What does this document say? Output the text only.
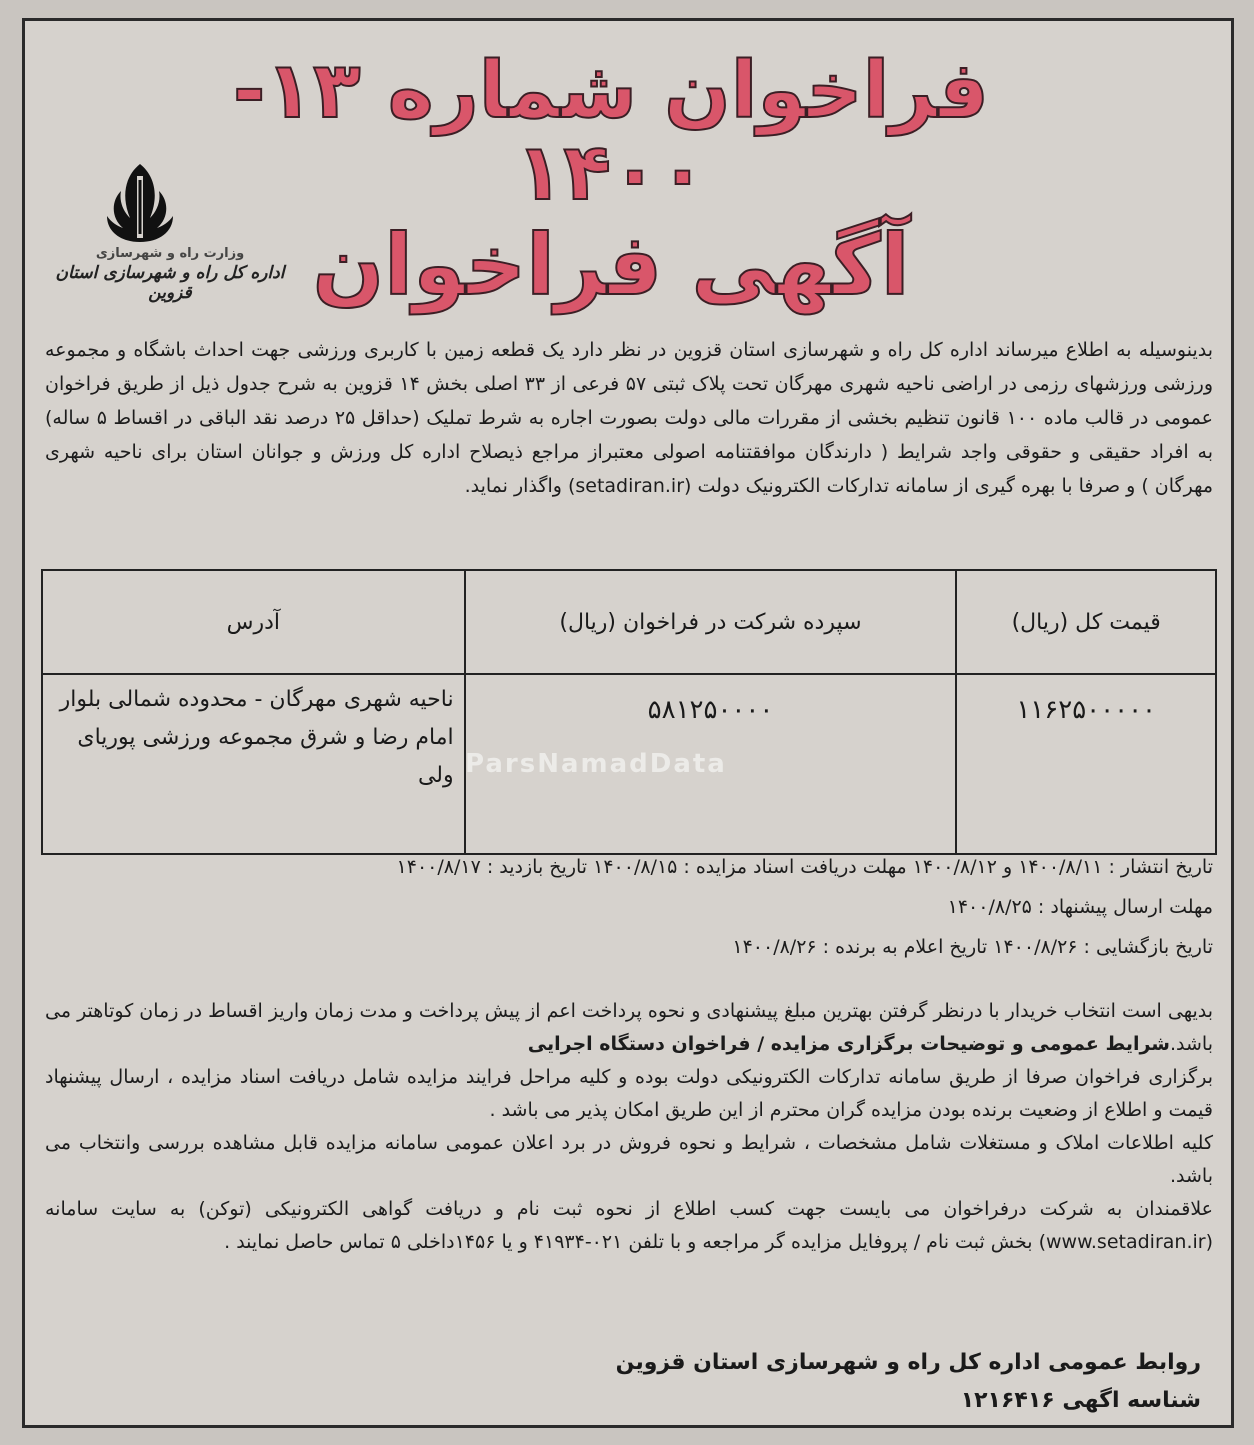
فراخوان شماره ۱۳- ۱۴۰۰
آگهی فراخوان
وزارت راه و شهرسازی
اداره کل راه و شهرسازی استان قزوین
بدینوسیله به اطلاع میرساند اداره کل راه و شهرسازی استان قزوین در نظر دارد یک قطعه زمین با کاربری ورزشی جهت احداث باشگاه و مجموعه ورزشی ورزشهای رزمی در اراضی ناحیه شهری مهرگان تحت پلاک ثبتی ۵۷ فرعی از ۳۳ اصلی بخش ۱۴ قزوین به شرح جدول ذیل از طریق فراخوان عمومی در قالب ماده ۱۰۰ قانون تنظیم بخشی از مقررات مالی دولت بصورت اجاره به شرط تملیک (حداقل ۲۵ درصد نقد الباقی در اقساط ۵ ساله) به افراد حقیقی و حقوقی واجد شرایط ( دارندگان موافقتنامه اصولی معتبراز مراجع ذیصلاح اداره کل ورزش و جوانان استان برای ناحیه شهری مهرگان ) و صرفا با بهره گیری از سامانه تدارکات الکترونیک دولت (setadiran.ir) واگذار نماید.
قیمت کل (ریال)	سپرده شرکت در فراخوان (ریال)	آدرس
۱۱۶۲۵۰۰۰۰۰	۵۸۱۲۵۰۰۰۰	ناحیه شهری مهرگان - محدوده شمالی بلوار امام رضا و شرق مجموعه ورزشی پوریای ولی ParsNamadData
تاریخ انتشار : ۱۴۰۰/۸/۱۱ و ۱۴۰۰/۸/۱۲ مهلت دریافت اسناد مزایده : ۱۴۰۰/۸/۱۵ تاریخ بازدید : ۱۴۰۰/۸/۱۷
مهلت ارسال پیشنهاد : ۱۴۰۰/۸/۲۵
تاریخ بازگشایی : ۱۴۰۰/۸/۲۶ تاریخ اعلام به برنده : ۱۴۰۰/۸/۲۶
بدیهی است انتخاب خریدار با درنظر گرفتن بهترین مبلغ پیشنهادی و نحوه پرداخت اعم از پیش پرداخت و مدت زمان واریز اقساط در زمان کوتاهتر می باشد.شرایط عمومی و توضیحات برگزاری مزایده / فراخوان دستگاه اجرایی
برگزاری فراخوان صرفا از طریق سامانه تدارکات الکترونیکی دولت بوده و کلیه مراحل فرایند مزایده شامل دریافت اسناد مزایده ، ارسال پیشنهاد قیمت و اطلاع از وضعیت برنده بودن مزایده گران محترم از این طریق امکان پذیر می باشد .
کلیه اطلاعات املاک و مستغلات شامل مشخصات ، شرایط و نحوه فروش در برد اعلان عمومی سامانه مزایده قابل مشاهده بررسی وانتخاب می باشد.
علاقمندان به شرکت درفراخوان می بایست جهت کسب اطلاع از نحوه ثبت نام و دریافت گواهی الکترونیکی (توکن) به سایت سامانه (www.setadiran.ir) بخش ثبت نام / پروفایل مزایده گر مراجعه و با تلفن ۰۲۱-۴۱۹۳۴ و یا ۱۴۵۶داخلی ۵ تماس حاصل نمایند .
روابط عمومی اداره کل راه و شهرسازی استان قزوین
شناسه اگهی ۱۲۱۶۴۱۶
